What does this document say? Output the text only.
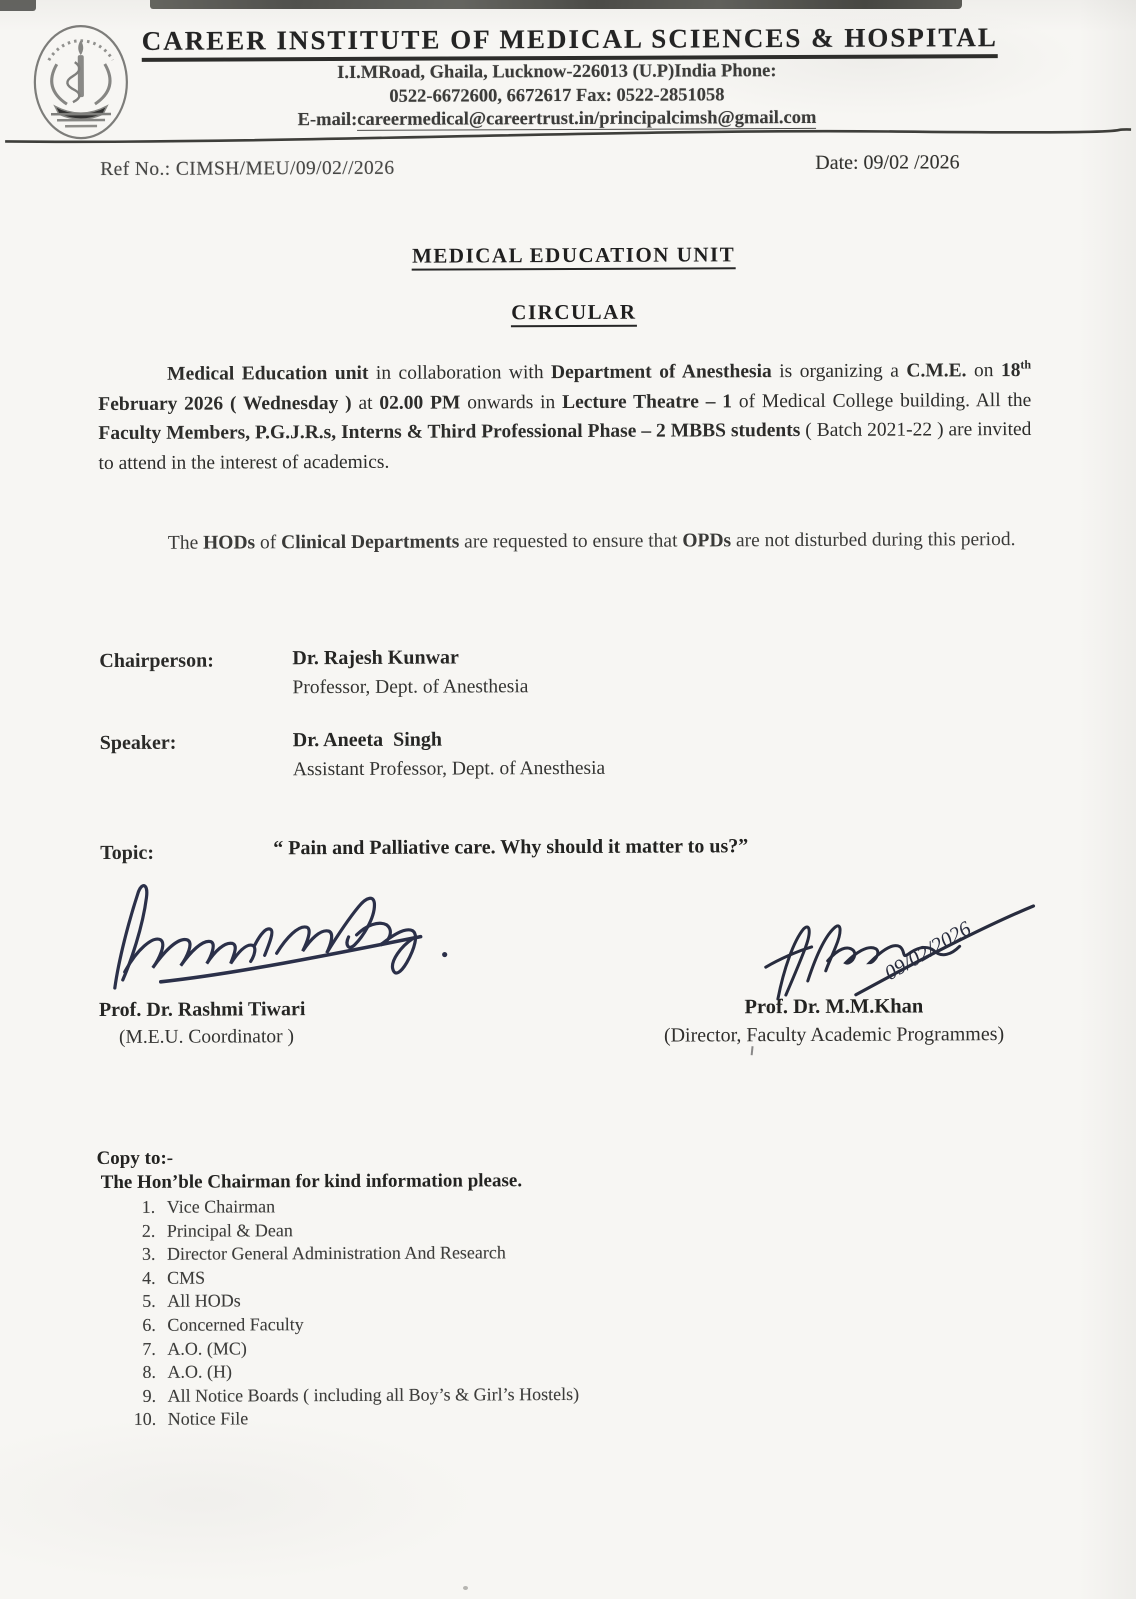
CAREER INSTITUTE OF MEDICAL SCIENCES & HOSPITAL
I.I.MRoad, Ghaila, Lucknow-226013 (U.P)India Phone:
0522-6672600, 6672617 Fax: 0522-2851058
E-mail:careermedical@careertrust.in/principalcimsh@gmail.com
Ref No.: CIMSH/MEU/09/02//2026	Date: 09/02 /2026
MEDICAL EDUCATION UNIT
CIRCULAR
Medical Education unit in collaboration with Department of Anesthesia is organizing a C.M.E. on 18th February 2026 ( Wednesday ) at 02.00 PM onwards in Lecture Theatre – 1 of Medical College building. All the Faculty Members, P.G.J.R.s, Interns & Third Professional Phase – 2 MBBS students ( Batch 2021-22 ) are invited to attend in the interest of academics.
The HODs of Clinical Departments are requested to ensure that OPDs are not disturbed during this period.
Chairperson:	Dr. Rajesh Kunwar
Professor, Dept. of Anesthesia
Speaker:	Dr. Aneeta  Singh
Assistant Professor, Dept. of Anesthesia
Topic:	“ Pain and Palliative care. Why should it matter to us?”
09/02/2026
Prof. Dr. Rashmi Tiwari
(M.E.U. Coordinator )
Prof. Dr. M.M.Khan
(Director, Faculty Academic Programmes)
Copy to:-
The Hon’ble Chairman for kind information please.
1. Vice Chairman
2. Principal & Dean
3. Director General Administration And Research
4. CMS
5. All HODs
6. Concerned Faculty
7. A.O. (MC)
8. A.O. (H)
9. All Notice Boards ( including all Boy’s & Girl’s Hostels)
10. Notice File
